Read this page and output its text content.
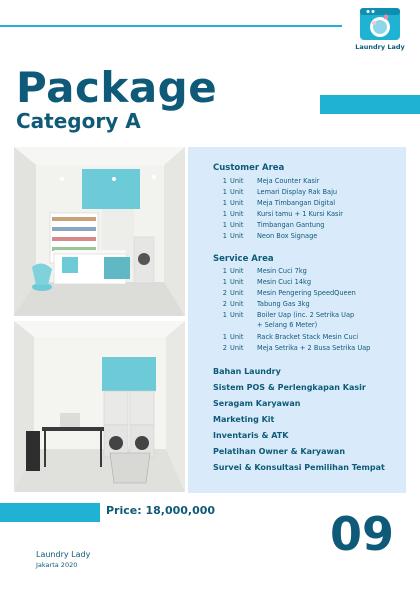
Laundry Lady
Package
Category A
Customer Area
1 Unit Meja Counter Kasir
1 Unit Lemari Display Rak Baju
1 Unit Meja Timbangan Digital
1 Unit Kursi tamu + 1 Kursi Kasir
1 Unit Timbangan Gantung
1 Unit Neon Box Signage
Service Area
1 Unit Mesin Cuci 7kg
1 Unit Mesin Cuci 14kg
2 Unit Mesin Pengering SpeedQueen
2 Unit Tabung Gas 3kg
1 Unit Boiler Uap (inc. 2 Setrika Uap
+ Selang 6 Meter)
1 Unit Rack Bracket Stack Mesin Cuci
2 Unit Meja Setrika + 2 Busa Setrika Uap
Bahan Laundry
Sistem POS & Perlengkapan Kasir
Seragam Karyawan
Marketing Kit
Inventaris & ATK
Pelatihan Owner & Karyawan
Survei & Konsultasi Pemilihan Tempat
Price: 18,000,000 09
Laundry Lady
Jakarta 2020
